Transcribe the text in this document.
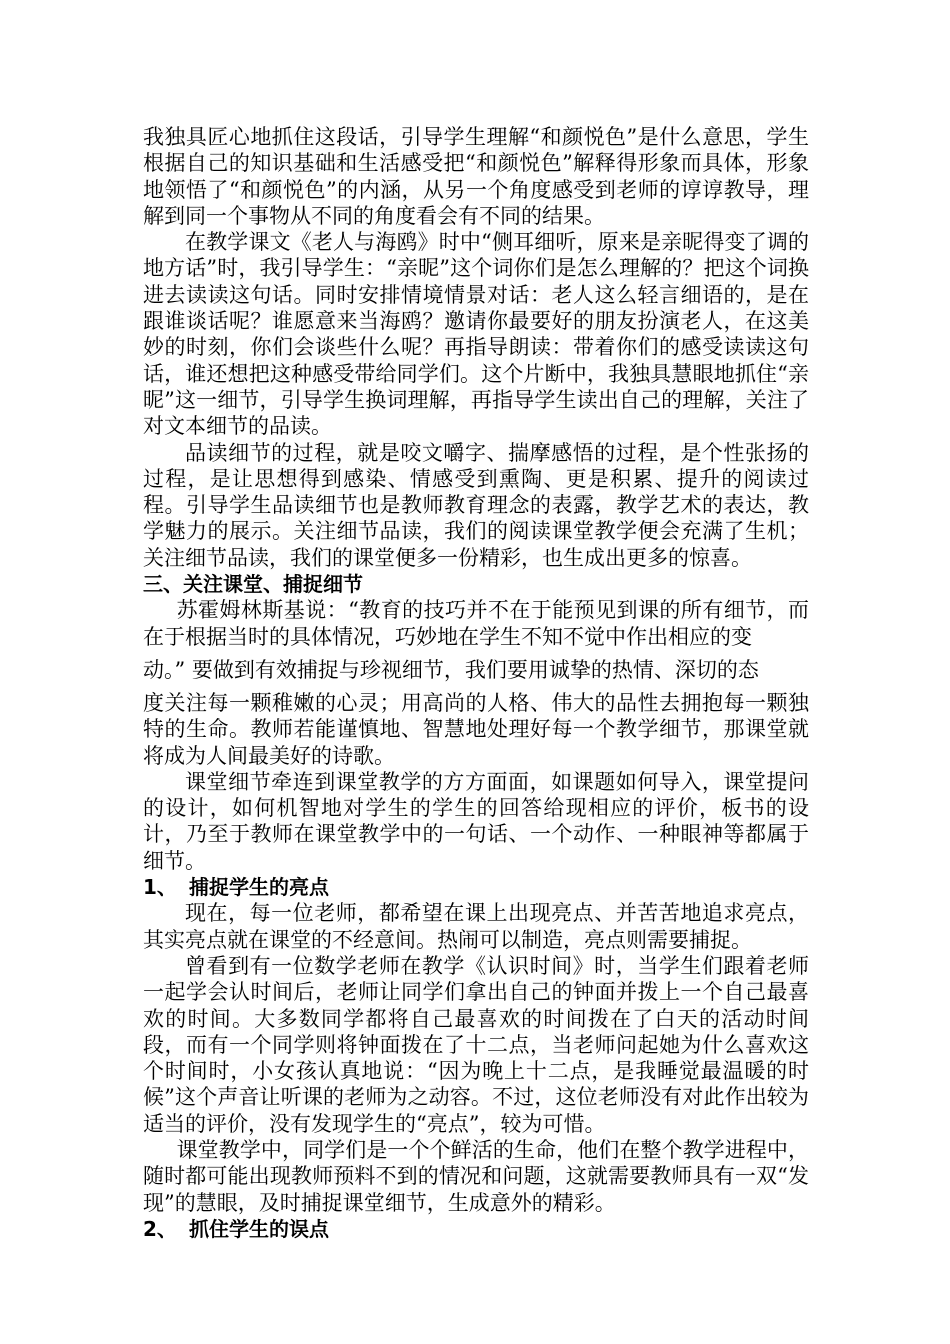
我独具匠心地抓住这段话，引导学生理解“和颜悦色”是什么意思，学生根据自己的知识基础和生活感受把“和颜悦色”解释得形象而具体，形象地领悟了“和颜悦色”的内涵，从另一个角度感受到老师的谆谆教导，理解到同一个事物从不同的角度看会有不同的结果。

在教学课文《老人与海鸥》时中“侧耳细听，原来是亲昵得变了调的地方话”时，我引导学生：“亲昵”这个词你们是怎么理解的？把这个词换进去读读这句话。同时安排情境情景对话：老人这么轻言细语的，是在跟谁谈话呢？谁愿意来当海鸥？邀请你最要好的朋友扮演老人，在这美妙的时刻，你们会谈些什么呢？再指导朗读：带着你们的感受读读这句话，谁还想把这种感受带给同学们。这个片断中，我独具慧眼地抓住“亲昵”这一细节，引导学生换词理解，再指导学生读出自己的理解，关注了对文本细节的品读。

品读细节的过程，就是咬文嚼字、揣摩感悟的过程，是个性张扬的过程，是让思想得到感染、情感受到熏陶、更是积累、提升的阅读过程。引导学生品读细节也是教师教育理念的表露，教学艺术的表达，教学魅力的展示。关注细节品读，我们的阅读课堂教学便会充满了生机；关注细节品读，我们的课堂便多一份精彩，也生成出更多的惊喜。

三、关注课堂、捕捉细节

苏霍姆林斯基说：“教育的技巧并不在于能预见到课的所有细节，而在于根据当时的具体情况，巧妙地在学生不知不觉中作出相应的变

动。” 要做到有效捕捉与珍视细节，我们要用诚挚的热情、深切的态

度关注每一颗稚嫩的心灵；用高尚的人格、伟大的品性去拥抱每一颗独特的生命。教师若能谨慎地、智慧地处理好每一个教学细节，那课堂就将成为人间最美好的诗歌。

课堂细节牵连到课堂教学的方方面面，如课题如何导入，课堂提问的设计，如何机智地对学生的学生的回答给现相应的评价，板书的设计，乃至于教师在课堂教学中的一句话、一个动作、一种眼神等都属于细节。

1、 捕捉学生的亮点

现在，每一位老师，都希望在课上出现亮点、并苦苦地追求亮点，其实亮点就在课堂的不经意间。热闹可以制造，亮点则需要捕捉。

曾看到有一位数学老师在教学《认识时间》时，当学生们跟着老师一起学会认时间后，老师让同学们拿出自己的钟面并拨上一个自己最喜欢的时间。大多数同学都将自己最喜欢的时间拨在了白天的活动时间段，而有一个同学则将钟面拨在了十二点，当老师问起她为什么喜欢这个时间时，小女孩认真地说：“因为晚上十二点，是我睡觉最温暖的时候”这个声音让听课的老师为之动容。不过，这位老师没有对此作出较为适当的评价，没有发现学生的“亮点”，较为可惜。

课堂教学中，同学们是一个个鲜活的生命，他们在整个教学进程中，随时都可能出现教师预料不到的情况和问题，这就需要教师具有一双“发现”的慧眼，及时捕捉课堂细节，生成意外的精彩。

2、 抓住学生的误点
